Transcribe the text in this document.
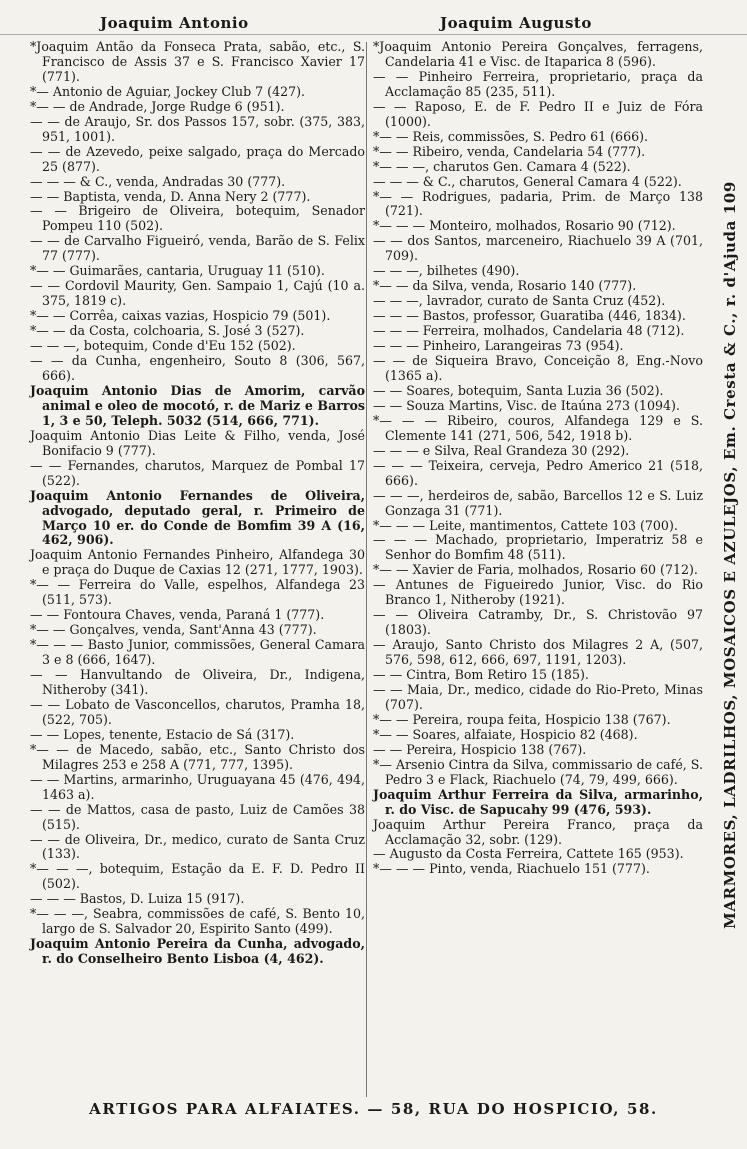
Joaquim Antonio	Joaquim Augusto

*Joaquim Antão da Fonseca Prata, sabão, etc., S. Francisco de Assis 37 e S. Francisco Xavier 17 (771).

*— Antonio de Aguiar, Jockey Club 7 (427).

*— — de Andrade, Jorge Rudge 6 (951).

— — de Araujo, Sr. dos Passos 157, sobr. (375, 383, 951, 1001).

— — de Azevedo, peixe salgado, praça do Mercado 25 (877).

— — — & C., venda, Andradas 30 (777).

— — Baptista, venda, D. Anna Nery 2 (777).

— — Brigeiro de Oliveira, botequim, Senador Pompeu 110 (502).

— — de Carvalho Figueiró, venda, Barão de S. Felix 77 (777).

*— — Guimarães, cantaria, Uruguay 11 (510).

— — Cordovil Maurity, Gen. Sampaio 1, Cajú (10 a. 375, 1819 c).

*— — Corrêa, caixas vazias, Hospicio 79 (501).

*— — da Costa, colchoaria, S. José 3 (527).

— — —, botequim, Conde d'Eu 152 (502).

— — da Cunha, engenheiro, Souto 8 (306, 567, 666).

Joaquim Antonio Dias de Amorim, carvão animal e oleo de mocotó, r. de Mariz e Barros 1, 3 e 50, Teleph. 5032 (514, 666, 771).

Joaquim Antonio Dias Leite & Filho, venda, José Bonifacio 9 (777).

— — Fernandes, charutos, Marquez de Pombal 17 (522).

Joaquim Antonio Fernandes de Oliveira, advogado, deputado geral, r. Primeiro de Março 10 er. do Conde de Bomfim 39 A (16, 462, 906).

Joaquim Antonio Fernandes Pinheiro, Alfandega 30 e praça do Duque de Caxias 12 (271, 1777, 1903).

*— — Ferreira do Valle, espelhos, Alfandega 23 (511, 573).

— — Fontoura Chaves, venda, Paraná 1 (777).

*— — Gonçalves, venda, Sant'Anna 43 (777).

*— — — Basto Junior, commissões, General Camara 3 e 8 (666, 1647).

— — Hanvultando de Oliveira, Dr., Indigena, Nitheroby (341).

— — Lobato de Vasconcellos, charutos, Pramha 18, (522, 705).

— — Lopes, tenente, Estacio de Sá (317).

*— — de Macedo, sabão, etc., Santo Christo dos Milagres 253 e 258 A (771, 777, 1395).

— — Martins, armarinho, Uruguayana 45 (476, 494, 1463 a).

— — de Mattos, casa de pasto, Luiz de Camões 38 (515).

— — de Oliveira, Dr., medico, curato de Santa Cruz (133).

*— — —, botequim, Estação da E. F. D. Pedro II (502).

— — — Bastos, D. Luiza 15 (917).

*— — —, Seabra, commissões de café, S. Bento 10, largo de S. Salvador 20, Espirito Santo (499).

Joaquim Antonio Pereira da Cunha, advogado, r. do Conselheiro Bento Lisboa (4, 462).

*Joaquim Antonio Pereira Gonçalves, ferragens, Candelaria 41 e Visc. de Itaparica 8 (596).

— — Pinheiro Ferreira, proprietario, praça da Acclamação 85 (235, 511).

— — Raposo, E. de F. Pedro II e Juiz de Fóra (1000).

*— — Reis, commissões, S. Pedro 61 (666).

*— — Ribeiro, venda, Candelaria 54 (777).

*— — —, charutos Gen. Camara 4 (522).

— — — & C., charutos, General Camara 4 (522).

*— — Rodrigues, padaria, Prim. de Março 138 (721).

*— — — Monteiro, molhados, Rosario 90 (712).

— — dos Santos, marceneiro, Riachuelo 39 A (701, 709).

— — —, bilhetes (490).

*— — da Silva, venda, Rosario 140 (777).

— — —, lavrador, curato de Santa Cruz (452).

— — — Bastos, professor, Guaratiba (446, 1834).

— — — Ferreira, molhados, Candelaria 48 (712).

— — — Pinheiro, Larangeiras 73 (954).

— — de Siqueira Bravo, Conceição 8, Eng.-Novo (1365 a).

— — Soares, botequim, Santa Luzia 36 (502).

— — Souza Martins, Visc. de Itaúna 273 (1094).

*— — — Ribeiro, couros, Alfandega 129 e S. Clemente 141 (271, 506, 542, 1918 b).

— — — e Silva, Real Grandeza 30 (292).

— — — Teixeira, cerveja, Pedro Americo 21 (518, 666).

— — —, herdeiros de, sabão, Barcellos 12 e S. Luiz Gonzaga 31 (771).

*— — — Leite, mantimentos, Cattete 103 (700).

— — — Machado, proprietario, Imperatriz 58 e Senhor do Bomfim 48 (511).

*— — Xavier de Faria, molhados, Rosario 60 (712).

— Antunes de Figueiredo Junior, Visc. do Rio Branco 1, Nitheroby (1921).

— — Oliveira Catramby, Dr., S. Christovão 97 (1803).

— Araujo, Santo Christo dos Milagres 2 A, (507, 576, 598, 612, 666, 697, 1191, 1203).

— — Cintra, Bom Retiro 15 (185).

— — Maia, Dr., medico, cidade do Rio-Preto, Minas (707).

*— — Pereira, roupa feita, Hospicio 138 (767).

*— — Soares, alfaiate, Hospicio 82 (468).

— — Pereira, Hospicio 138 (767).

*— Arsenio Cintra da Silva, commissario de café, S. Pedro 3 e Flack, Riachuelo (74, 79, 499, 666).

Joaquim Arthur Ferreira da Silva, armarinho, r. do Visc. de Sapucahy 99 (476, 593).

Joaquim Arthur Pereira Franco, praça da Acclamação 32, sobr. (129).

— Augusto da Costa Ferreira, Cattete 165 (953).

*— — — Pinto, venda, Riachuelo 151 (777).	MARMORES, LADRILHOS, MOSAICOS E AZULEJOS, Em. Cresta & C., r. d'Ajuda 109
ARTIGOS PARA ALFAIATES. — 58, RUA DO HOSPICIO, 58.
